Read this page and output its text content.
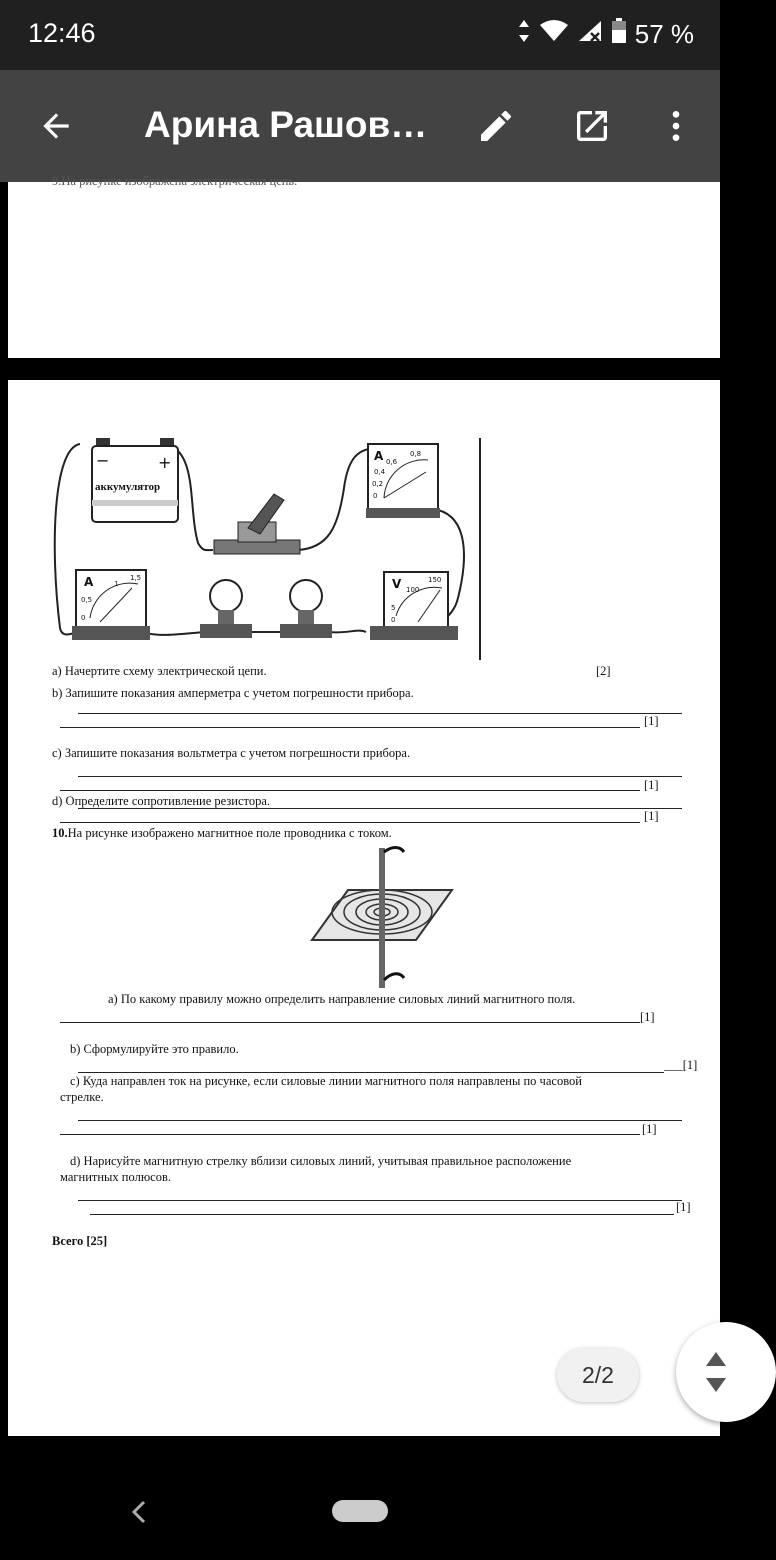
12:46	57 %
Арина Рашов…
9.На рисунке изображена электрическая цепь.
−	+
аккумулятор
A
0
0,2
0,4
0,6
0,8
A
0
0,5
1
1,5	V
0
5
100
150
a) Начертите схему электрической цепи.	[2]
b) Запишите показания амперметра с учетом погрешности прибора.
[1]
c) Запишите показания вольтметра с учетом погрешности прибора.
[1]
d) Определите сопротивление резистора.
[1]
10.На рисунке изображено магнитное поле проводника с током.
a) По какому правилу можно определить направление силовых линий магнитного поля.
[1]
b) Сформулируйте это правило.
___[1]
c) Куда направлен ток на рисунке, если силовые линии магнитного поля направлены по часовой
стрелке.
[1]
d) Нарисуйте магнитную стрелку вблизи силовых линий, учитывая правильное расположение
магнитных полюсов.
[1]
Всего [25]
2/2
